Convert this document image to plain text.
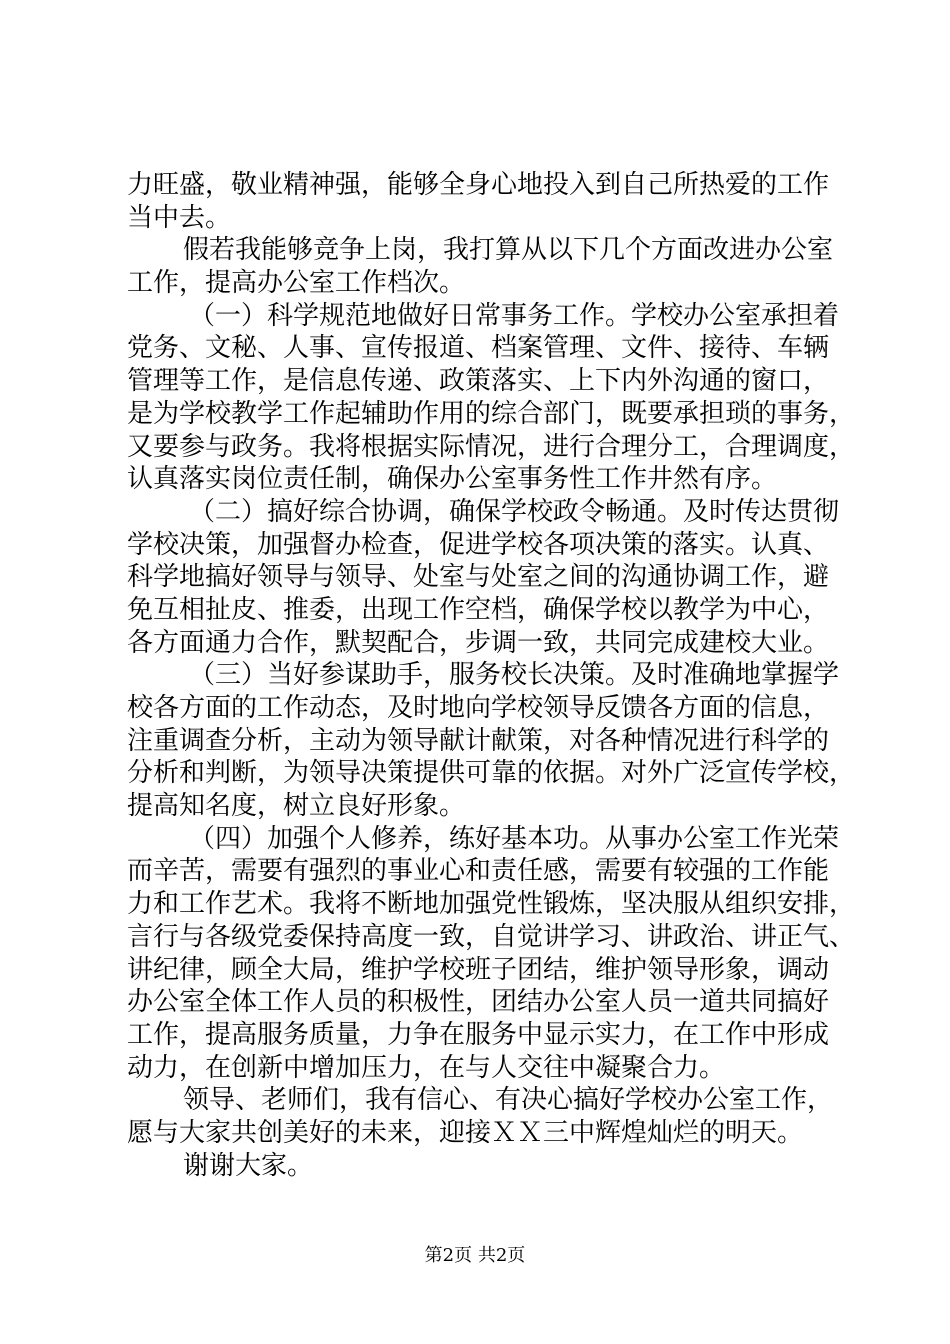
力旺盛，敬业精神强，能够全身心地投入到自己所热爱的工作
当中去。
假若我能够竞争上岗，我打算从以下几个方面改进办公室
工作，提高办公室工作档次。
（一）科学规范地做好日常事务工作。学校办公室承担着
党务、文秘、人事、宣传报道、档案管理、文件、接待、车辆
管理等工作，是信息传递、政策落实、上下内外沟通的窗口，
是为学校教学工作起辅助作用的综合部门，既要承担琐的事务，
又要参与政务。我将根据实际情况，进行合理分工，合理调度，
认真落实岗位责任制，确保办公室事务性工作井然有序。
（二）搞好综合协调，确保学校政令畅通。及时传达贯彻
学校决策，加强督办检查，促进学校各项决策的落实。认真、
科学地搞好领导与领导、处室与处室之间的沟通协调工作，避
免互相扯皮、推委，出现工作空档，确保学校以教学为中心，
各方面通力合作，默契配合，步调一致，共同完成建校大业。
（三）当好参谋助手，服务校长决策。及时准确地掌握学
校各方面的工作动态，及时地向学校领导反馈各方面的信息，
注重调查分析，主动为领导献计献策，对各种情况进行科学的
分析和判断，为领导决策提供可靠的依据。对外广泛宣传学校，
提高知名度，树立良好形象。
（四）加强个人修养，练好基本功。从事办公室工作光荣
而辛苦，需要有强烈的事业心和责任感，需要有较强的工作能
力和工作艺术。我将不断地加强党性锻炼，坚决服从组织安排，
言行与各级党委保持高度一致，自觉讲学习、讲政治、讲正气、
讲纪律，顾全大局，维护学校班子团结，维护领导形象，调动
办公室全体工作人员的积极性，团结办公室人员一道共同搞好
工作，提高服务质量，力争在服务中显示实力，在工作中形成
动力，在创新中增加压力，在与人交往中凝聚合力。
领导、老师们，我有信心、有决心搞好学校办公室工作，
愿与大家共创美好的未来，迎接ＸＸ三中辉煌灿烂的明天。
谢谢大家。
第2页 共2页
